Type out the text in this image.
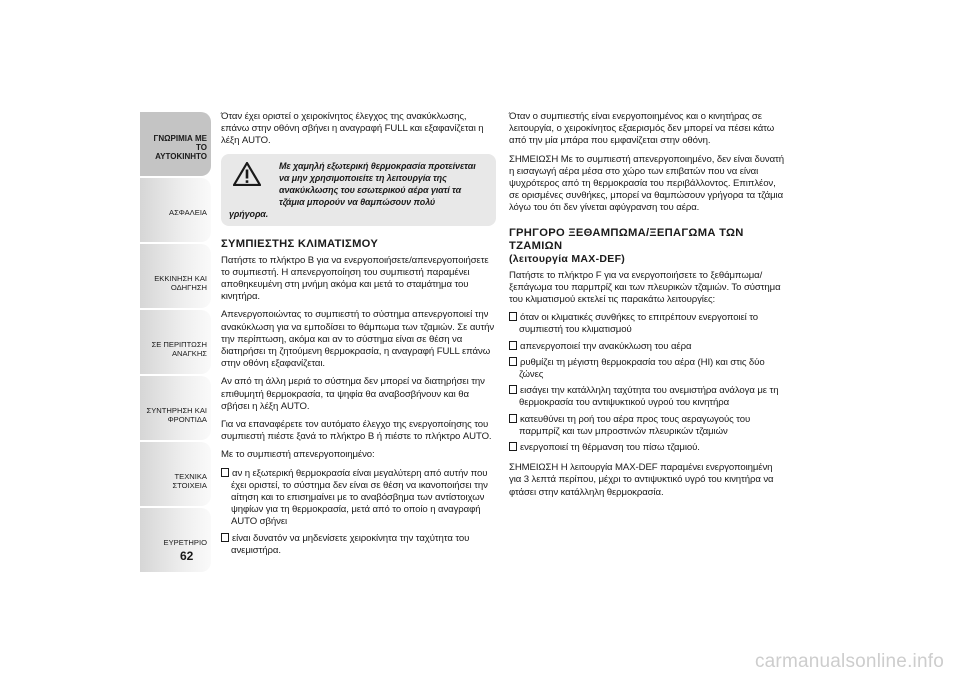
ΓΝΩΡΙΜΙΑ ΜΕ ΤΟ
ΑΥΤΟΚΙΝΗΤΟ
ΑΣΦΑΛΕΙΑ
ΕΚΚΙΝΗΣΗ ΚΑΙ
ΟΔΗΓΗΣΗ
ΣΕ ΠΕΡΙΠΤΩΣΗ
ΑΝΑΓΚΗΣ
ΣΥΝΤΗΡΗΣΗ ΚΑΙ
ΦΡΟΝΤΙΔΑ
ΤΕΧΝΙΚΑ ΣΤΟΙΧΕΙΑ
ΕΥΡΕΤΗΡΙΟ
62

Όταν έχει οριστεί ο χειροκίνητος έλεγχος της ανακύκλωσης, επάνω στην οθόνη σβήνει η αναγραφή FULL και εξαφανίζεται η λέξη AUTO.

Με χαμηλή εξωτερική θερμοκρασία προτείνεται να μην χρησιμοποιείτε τη λειτουργία της ανακύκλωσης του εσωτερικού αέρα γιατί τα τζάμια μπορούν να θαμπώσουν πολύ
γρήγορα.
ΣΥΜΠΙΕΣΤΗΣ ΚΛΙΜΑΤΙΣΜΟΥ

Πατήστε το πλήκτρο B για να ενεργοποιήσετε/απενεργοποιήσετε το συμπιεστή. Η απενεργοποίηση του συμπιεστή παραμένει αποθηκευμένη στη μνήμη ακόμα και μετά το σταμάτημα του κινητήρα.

Απενεργοποιώντας το συμπιεστή το σύστημα απενεργοποιεί την ανακύκλωση για να εμποδίσει το θάμπωμα των τζαμιών. Σε αυτήν την περίπτωση, ακόμα και αν το σύστημα είναι σε θέση να διατηρήσει τη ζητούμενη θερμοκρασία, η αναγραφή FULL επάνω στην οθόνη εξαφανίζεται.

Αν από τη άλλη μεριά το σύστημα δεν μπορεί να διατηρήσει την επιθυμητή θερμοκρασία, τα ψηφία θα αναβοσβήνουν και θα σβήσει η λέξη AUTO.

Για να επαναφέρετε τον αυτόματο έλεγχο της ενεργοποίησης του συμπιεστή πιέστε ξανά το πλήκτρο B ή πιέστε το πλήκτρο AUTO.

Με το συμπιεστή απενεργοποιημένο:

αν η εξωτερική θερμοκρασία είναι μεγαλύτερη από αυτήν που έχει οριστεί, το σύστημα δεν είναι σε θέση να ικανοποιήσει την αίτηση και το επισημαίνει με το αναβόσβημα των αντίστοιχων ψηφίων για τη θερμοκρασία, μετά από το οποίο η αναγραφή AUTO σβήνει
είναι δυνατόν να μηδενίσετε χειροκίνητα την ταχύτητα του ανεμιστήρα.

Όταν ο συμπιεστής είναι ενεργοποιημένος και ο κινητήρας σε λειτουργία, ο χειροκίνητος εξαερισμός δεν μπορεί να πέσει κάτω από την μία μπάρα που εμφανίζεται στην οθόνη.

ΣΗΜΕΙΩΣΗ Με το συμπιεστή απενεργοποιημένο, δεν είναι δυνατή η εισαγωγή αέρα μέσα στο χώρο των επιβατών που να είναι ψυχρότερος από τη θερμοκρασία του περιβάλλοντος. Επιπλέον, σε ορισμένες συνθήκες, μπορεί να θαμπώσουν γρήγορα τα τζάμια λόγω του ότι δεν γίνεται αφύγρανση του αέρα.

ΓΡΗΓΟΡΟ ΞΕΘΑΜΠΩΜΑ/ΞΕΠΑΓΩΜΑ ΤΩΝ ΤΖΑΜΙΩΝ
(λειτουργία MAX-DEF)

Πατήστε το πλήκτρο F για να ενεργοποιήσετε το ξεθάμπωμα/ ξεπάγωμα του παρμπρίζ και των πλευρικών τζαμιών. Το σύστημα του κλιματισμού εκτελεί τις παρακάτω λειτουργίες:

όταν οι κλιματικές συνθήκες το επιτρέπουν ενεργοποιεί το συμπιεστή του κλιματισμού
απενεργοποιεί την ανακύκλωση του αέρα
ρυθμίζει τη μέγιστη θερμοκρασία του αέρα (HI) και στις δύο ζώνες
εισάγει την κατάλληλη ταχύτητα του ανεμιστήρα ανάλογα με τη θερμοκρασία του αντιψυκτικού υγρού του κινητήρα
κατευθύνει τη ροή του αέρα προς τους αεραγωγούς του παρμπρίζ και των μπροστινών πλευρικών τζαμιών
ενεργοποιεί τη θέρμανση του πίσω τζαμιού.

ΣΗΜΕΙΩΣΗ Η λειτουργία MAX-DEF παραμένει ενεργοποιημένη για 3 λεπτά περίπου, μέχρι το αντιψυκτικό υγρό του κινητήρα να φτάσει στην κατάλληλη θερμοκρασία.

carmanualsonline.info
